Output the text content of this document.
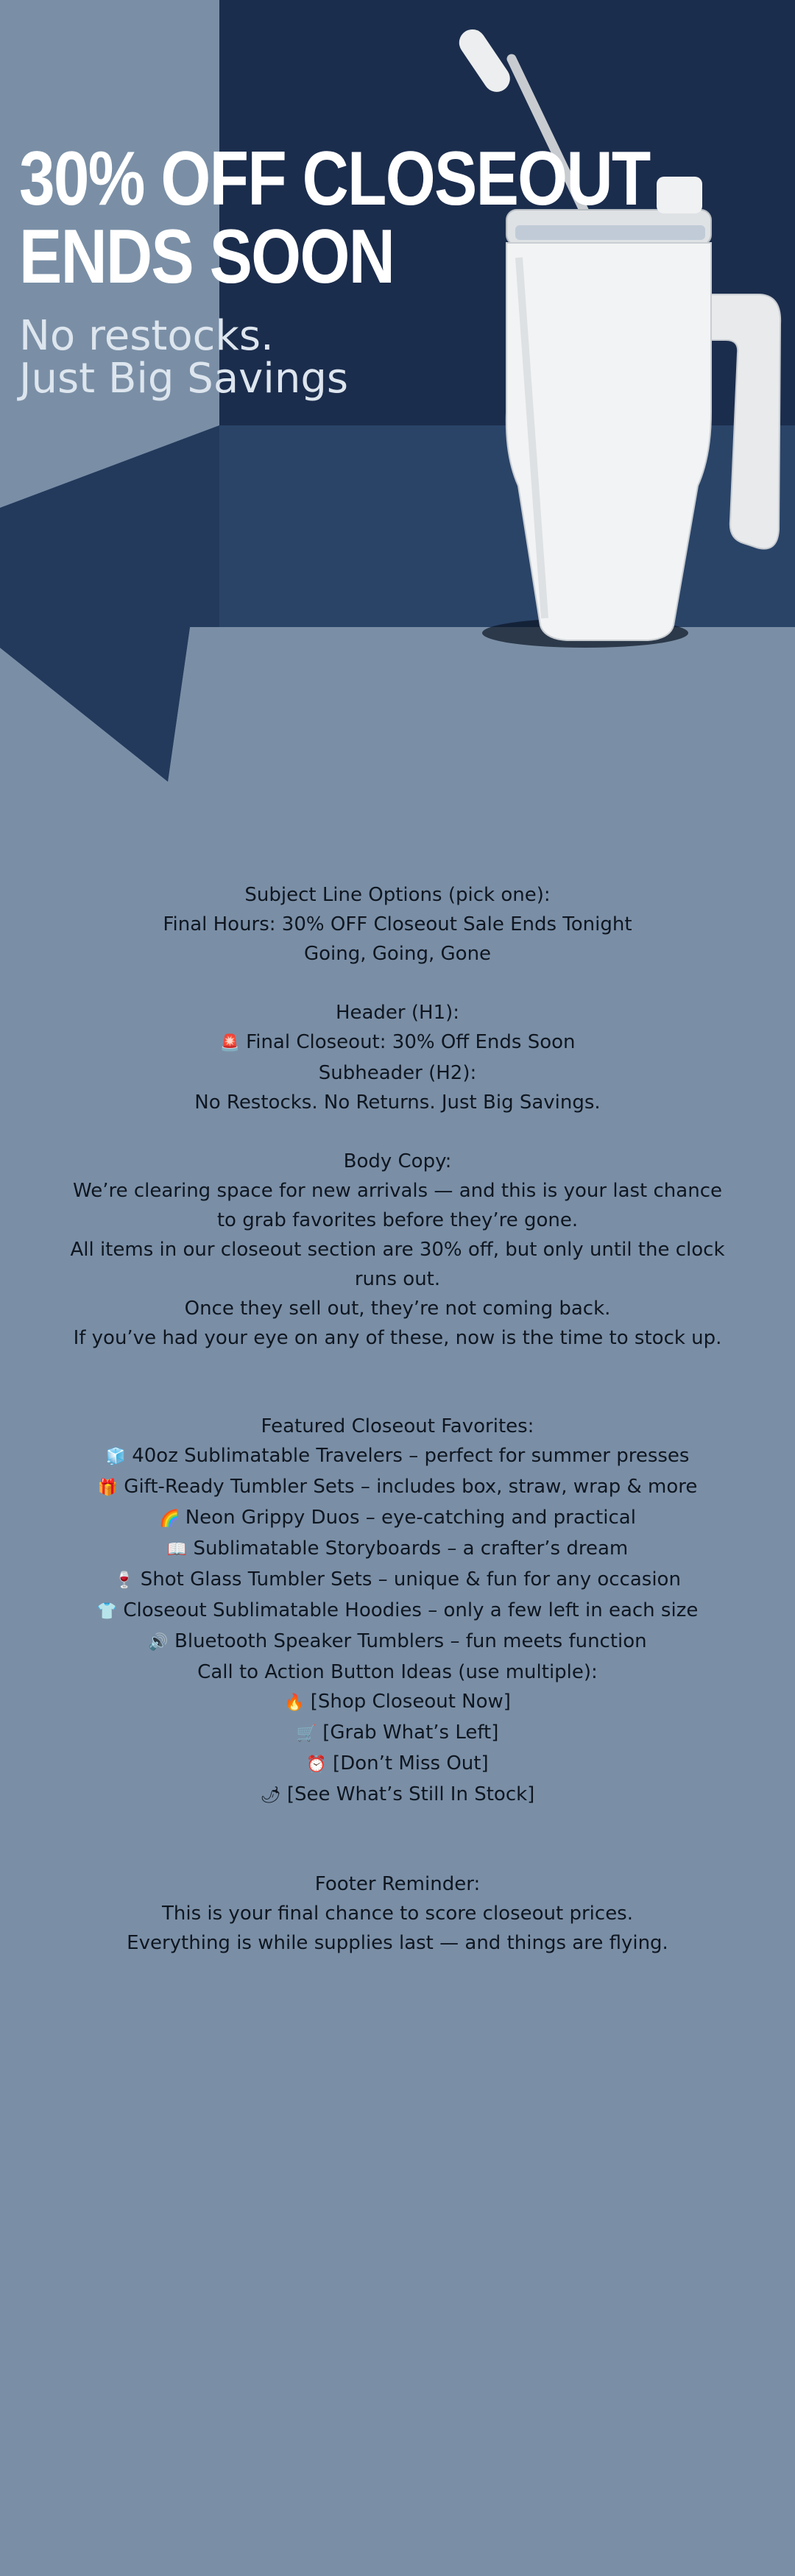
30% OFF CLOSEOUT
ENDS SOON
No restocks.
Just Big Savings

Subject Line Options (pick one):

Final Hours: 30% OFF Closeout Sale Ends Tonight

Going, Going, Gone

Header (H1):

🚨 Final Closeout: 30% Off Ends Soon

Subheader (H2):

No Restocks. No Returns. Just Big Savings.

Body Copy:

We’re clearing space for new arrivals — and this is your last chance to grab favorites before they’re gone.

All items in our closeout section are 30% off, but only until the clock runs out.

Once they sell out, they’re not coming back.

If you’ve had your eye on any of these, now is the time to stock up.

Featured Closeout Favorites:

🧊 40oz Sublimatable Travelers – perfect for summer presses

🎁 Gift-Ready Tumbler Sets – includes box, straw, wrap & more

🌈 Neon Grippy Duos – eye-catching and practical

📖 Sublimatable Storyboards – a crafter’s dream

🍷 Shot Glass Tumbler Sets – unique & fun for any occasion

👕 Closeout Sublimatable Hoodies – only a few left in each size

🔊 Bluetooth Speaker Tumblers – fun meets function

Call to Action Button Ideas (use multiple):

🔥 [Shop Closeout Now]

🛒 [Grab What’s Left]

⏰ [Don’t Miss Out]

🌶 [See What’s Still In Stock]

Footer Reminder:

This is your final chance to score closeout prices.

Everything is while supplies last — and things are flying.
